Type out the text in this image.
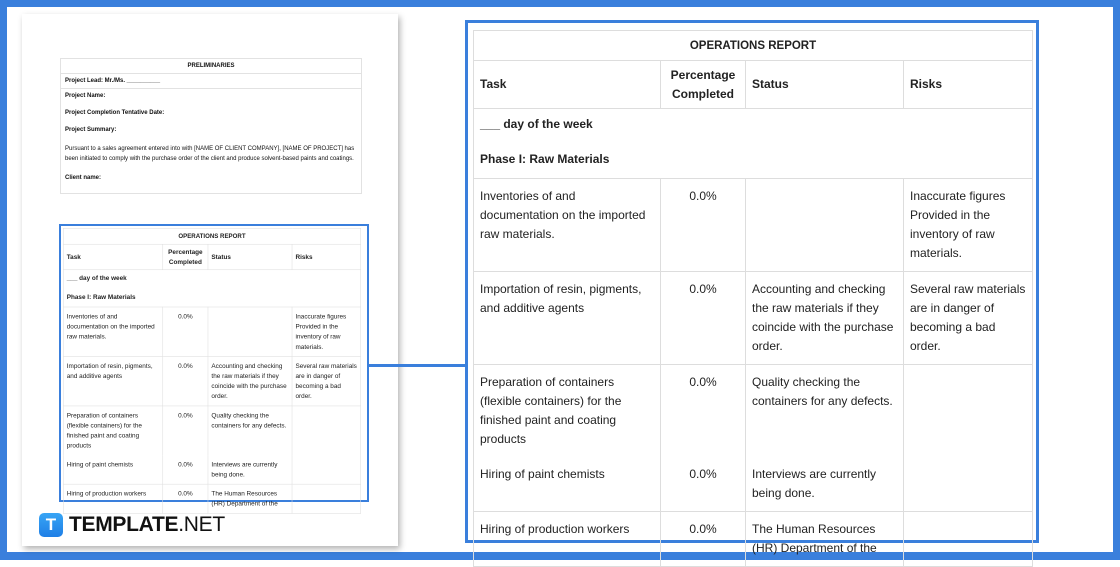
PRELIMINARIES
Project Lead: Mr./Ms. __________
Project Name:
Project Completion Tentative Date:
Project Summary:
Pursuant to a sales agreement entered into with [NAME OF CLIENT COMPANY], [NAME OF PROJECT] has been initiated to comply with the purchase order of the client and produce solvent-based paints and coatings.
Client name:
OPERATIONS REPORT			
Task	Percentage Completed	Status	Risks

___ day of the week
Phase I: Raw Materials			

Inventories of and documentation on the imported raw materials.	0.0%		Inaccurate figures Provided in the inventory of raw materials.
Importation of resin, pigments, and additive agents	0.0%	Accounting and checking the raw materials if they coincide with the purchase order.	Several raw materials are in danger of becoming a bad order.
Preparation of containers (flexible containers) for the finished paint and coating products	0.0%	Quality checking the containers for any defects.	
Hiring of paint chemists	0.0%	Interviews are currently being done.	
Hiring of production workers	0.0%	The Human Resources (HR) Department of the	
OPERATIONS REPORT			
Task	Percentage Completed	Status	Risks

___ day of the week
Phase I: Raw Materials			

Inventories of and documentation on the imported raw materials.	0.0%		Inaccurate figures Provided in the inventory of raw materials.
Importation of resin, pigments, and additive agents	0.0%	Accounting and checking the raw materials if they coincide with the purchase order.	Several raw materials are in danger of becoming a bad order.
Preparation of containers (flexible containers) for the finished paint and coating products	0.0%	Quality checking the containers for any defects.	
Hiring of paint chemists	0.0%	Interviews are currently being done.	
Hiring of production workers	0.0%	The Human Resources (HR) Department of the	
T TEMPLATE.NET
